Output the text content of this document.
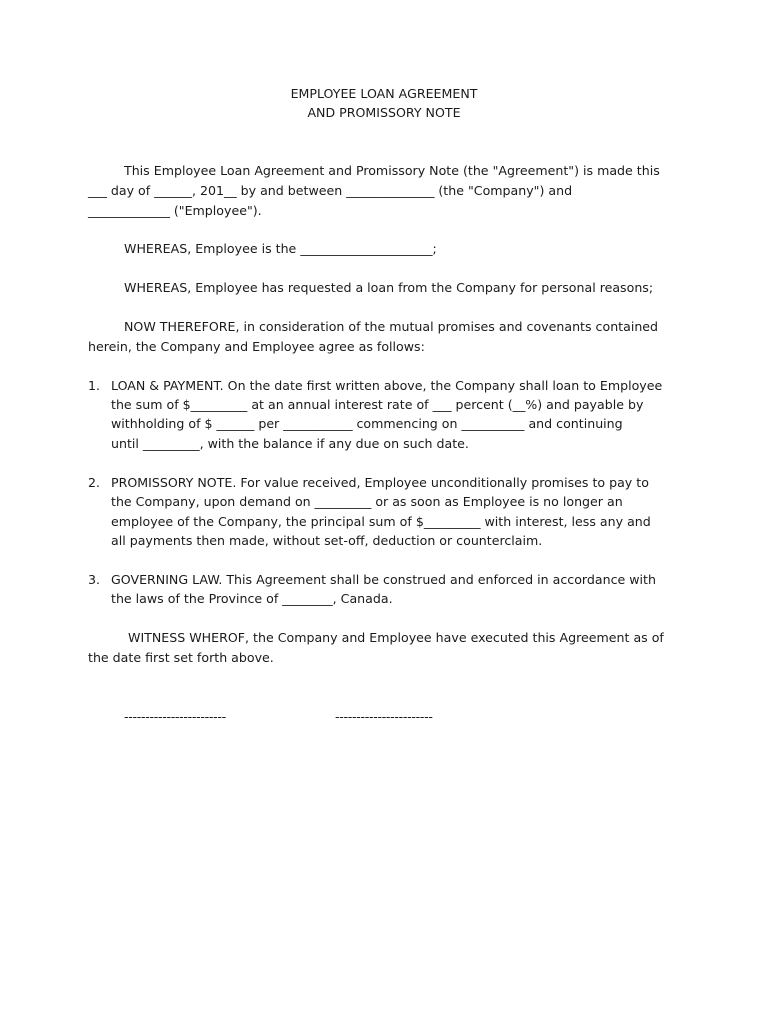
EMPLOYEE LOAN AGREEMENT
AND PROMISSORY NOTE
This Employee Loan Agreement and Promissory Note (the "Agreement") is made this
___ day of ______, 201__ by and between ______________ (the "Company") and
_____________ ("Employee").
WHEREAS, Employee is the _____________________;
WHEREAS, Employee has requested a loan from the Company for personal reasons;
NOW THEREFORE, in consideration of the mutual promises and covenants contained
herein, the Company and Employee agree as follows:
1. LOAN & PAYMENT. On the date first written above, the Company shall loan to Employee
the sum of $_________ at an annual interest rate of ___ percent (__%) and payable by
withholding of $ ______ per ___________ commencing on __________ and continuing
until _________, with the balance if any due on such date.
2. PROMISSORY NOTE. For value received, Employee unconditionally promises to pay to
the Company, upon demand on _________ or as soon as Employee is no longer an
employee of the Company, the principal sum of $_________ with interest, less any and
all payments then made, without set-off, deduction or counterclaim.
3. GOVERNING LAW. This Agreement shall be construed and enforced in accordance with
the laws of the Province of ________, Canada.
WITNESS WHEROF, the Company and Employee have executed this Agreement as of
the date first set forth above.
------------------------	-----------------------
